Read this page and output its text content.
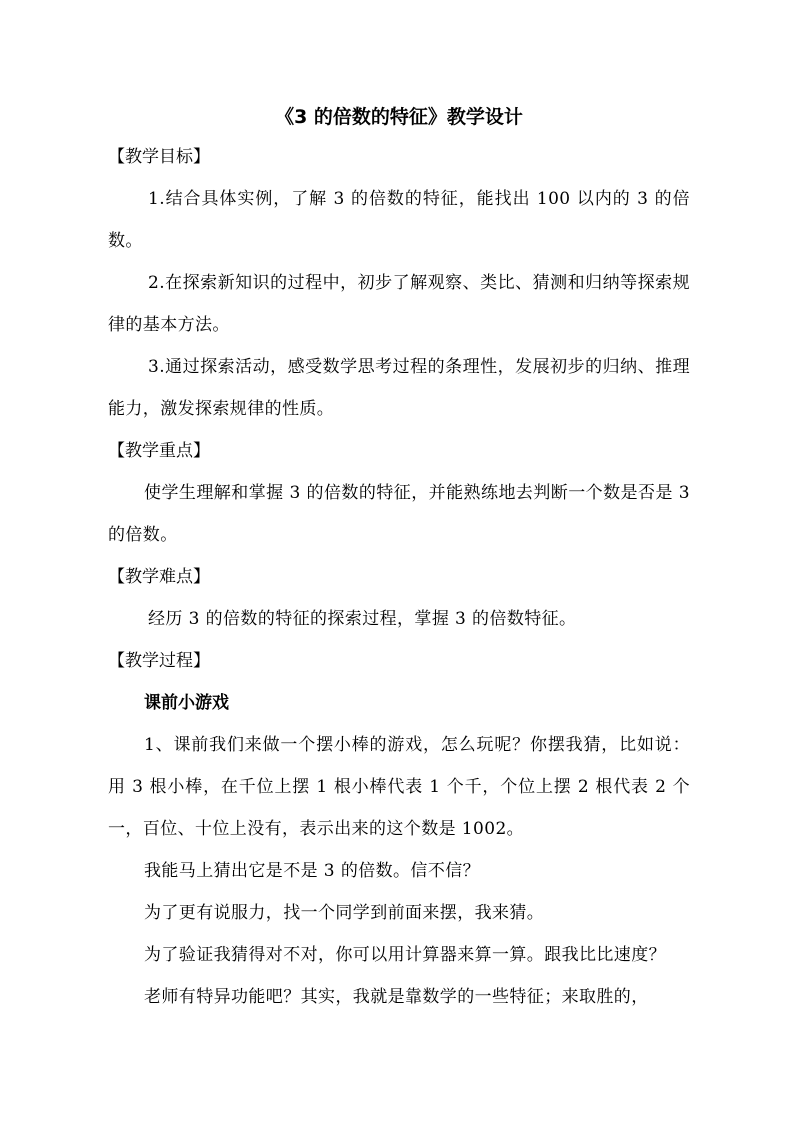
《3 的倍数的特征》教学设计

【教学目标】

1.结合具体实例，了解 3 的倍数的特征，能找出 100 以内的 3 的倍数。

2.在探索新知识的过程中，初步了解观察、类比、猜测和归纳等探索规律的基本方法。

3.通过探索活动，感受数学思考过程的条理性，发展初步的归纳、推理能力，激发探索规律的性质。

【教学重点】

使学生理解和掌握 3 的倍数的特征，并能熟练地去判断一个数是否是 3 的倍数。

【教学难点】

经历 3 的倍数的特征的探索过程，掌握 3 的倍数特征。

【教学过程】

课前小游戏

1、课前我们来做一个摆小棒的游戏，怎么玩呢？你摆我猜，比如说：用 3 根小棒，在千位上摆 1 根小棒代表 1 个千，个位上摆 2 根代表 2 个一，百位、十位上没有，表示出来的这个数是 1002。

我能马上猜出它是不是 3 的倍数。信不信？

为了更有说服力，找一个同学到前面来摆，我来猜。

为了验证我猜得对不对，你可以用计算器来算一算。跟我比比速度？

老师有特异功能吧？其实，我就是靠数学的一些特征；来取胜的，
